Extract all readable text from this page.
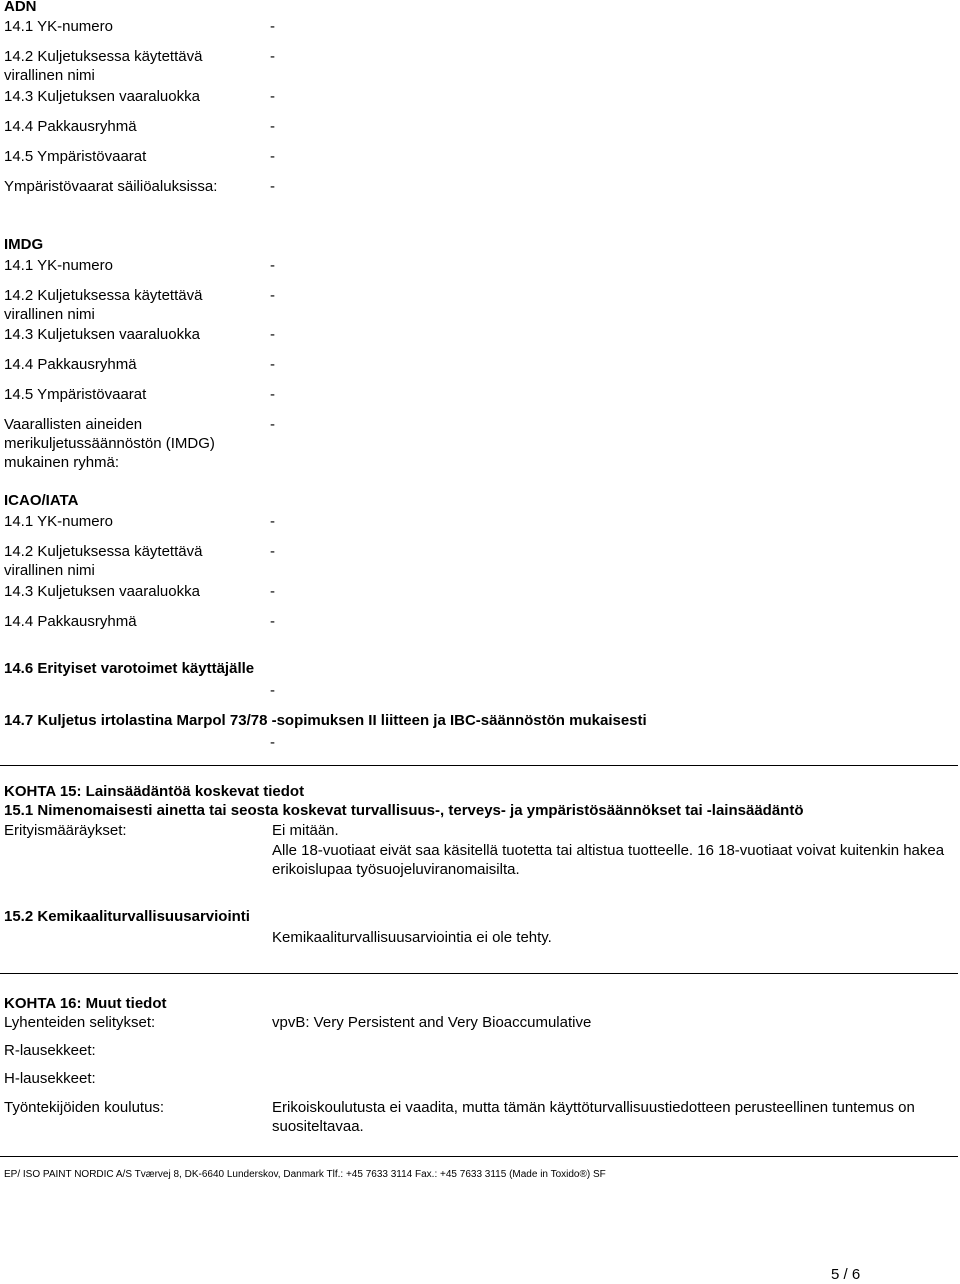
ADN
14.1 YK-numero	-
14.2 Kuljetuksessa käytettävä virallinen nimi
-
14.3 Kuljetuksen vaaraluokka	-
14.4 Pakkausryhmä	-
14.5 Ympäristövaarat	-
Ympäristövaarat säiliöaluksissa:	-
IMDG
14.1 YK-numero	-
14.2 Kuljetuksessa käytettävä virallinen nimi
-
14.3 Kuljetuksen vaaraluokka	-
14.4 Pakkausryhmä	-
14.5 Ympäristövaarat	-
Vaarallisten aineiden merikuljetussäännöstön (IMDG) mukainen ryhmä:
-
ICAO/IATA
14.1 YK-numero	-
14.2 Kuljetuksessa käytettävä virallinen nimi
-
14.3 Kuljetuksen vaaraluokka	-
14.4 Pakkausryhmä	-
14.6 Erityiset varotoimet käyttäjälle
-
14.7 Kuljetus irtolastina Marpol 73/78 -sopimuksen II liitteen ja IBC-säännöstön mukaisesti
-
KOHTA 15: Lainsäädäntöä koskevat tiedot
15.1 Nimenomaisesti ainetta tai seosta koskevat turvallisuus-, terveys- ja ympäristösäännökset tai -lainsäädäntö
Erityismääräykset:	Ei mitään.
Alle 18-vuotiaat eivät saa käsitellä tuotetta tai altistua tuotteelle. 16 18-vuotiaat voivat kuitenkin hakea erikoislupaa työsuojeluviranomaisilta.
15.2 Kemikaaliturvallisuusarviointi
Kemikaaliturvallisuusarviointia ei ole tehty.
KOHTA 16: Muut tiedot
Lyhenteiden selitykset:	vpvB: Very Persistent and Very Bioaccumulative
R-lausekkeet:
H-lausekkeet:
Työntekijöiden koulutus:	Erikoiskoulutusta ei vaadita, mutta tämän käyttöturvallisuustiedotteen perusteellinen tuntemus on suositeltavaa.
EP/ ISO PAINT NORDIC A/S Tværvej 8, DK-6640 Lunderskov, Danmark Tlf.: +45 7633 3114 Fax.: +45 7633 3115 (Made in Toxido®) SF
5 / 6
